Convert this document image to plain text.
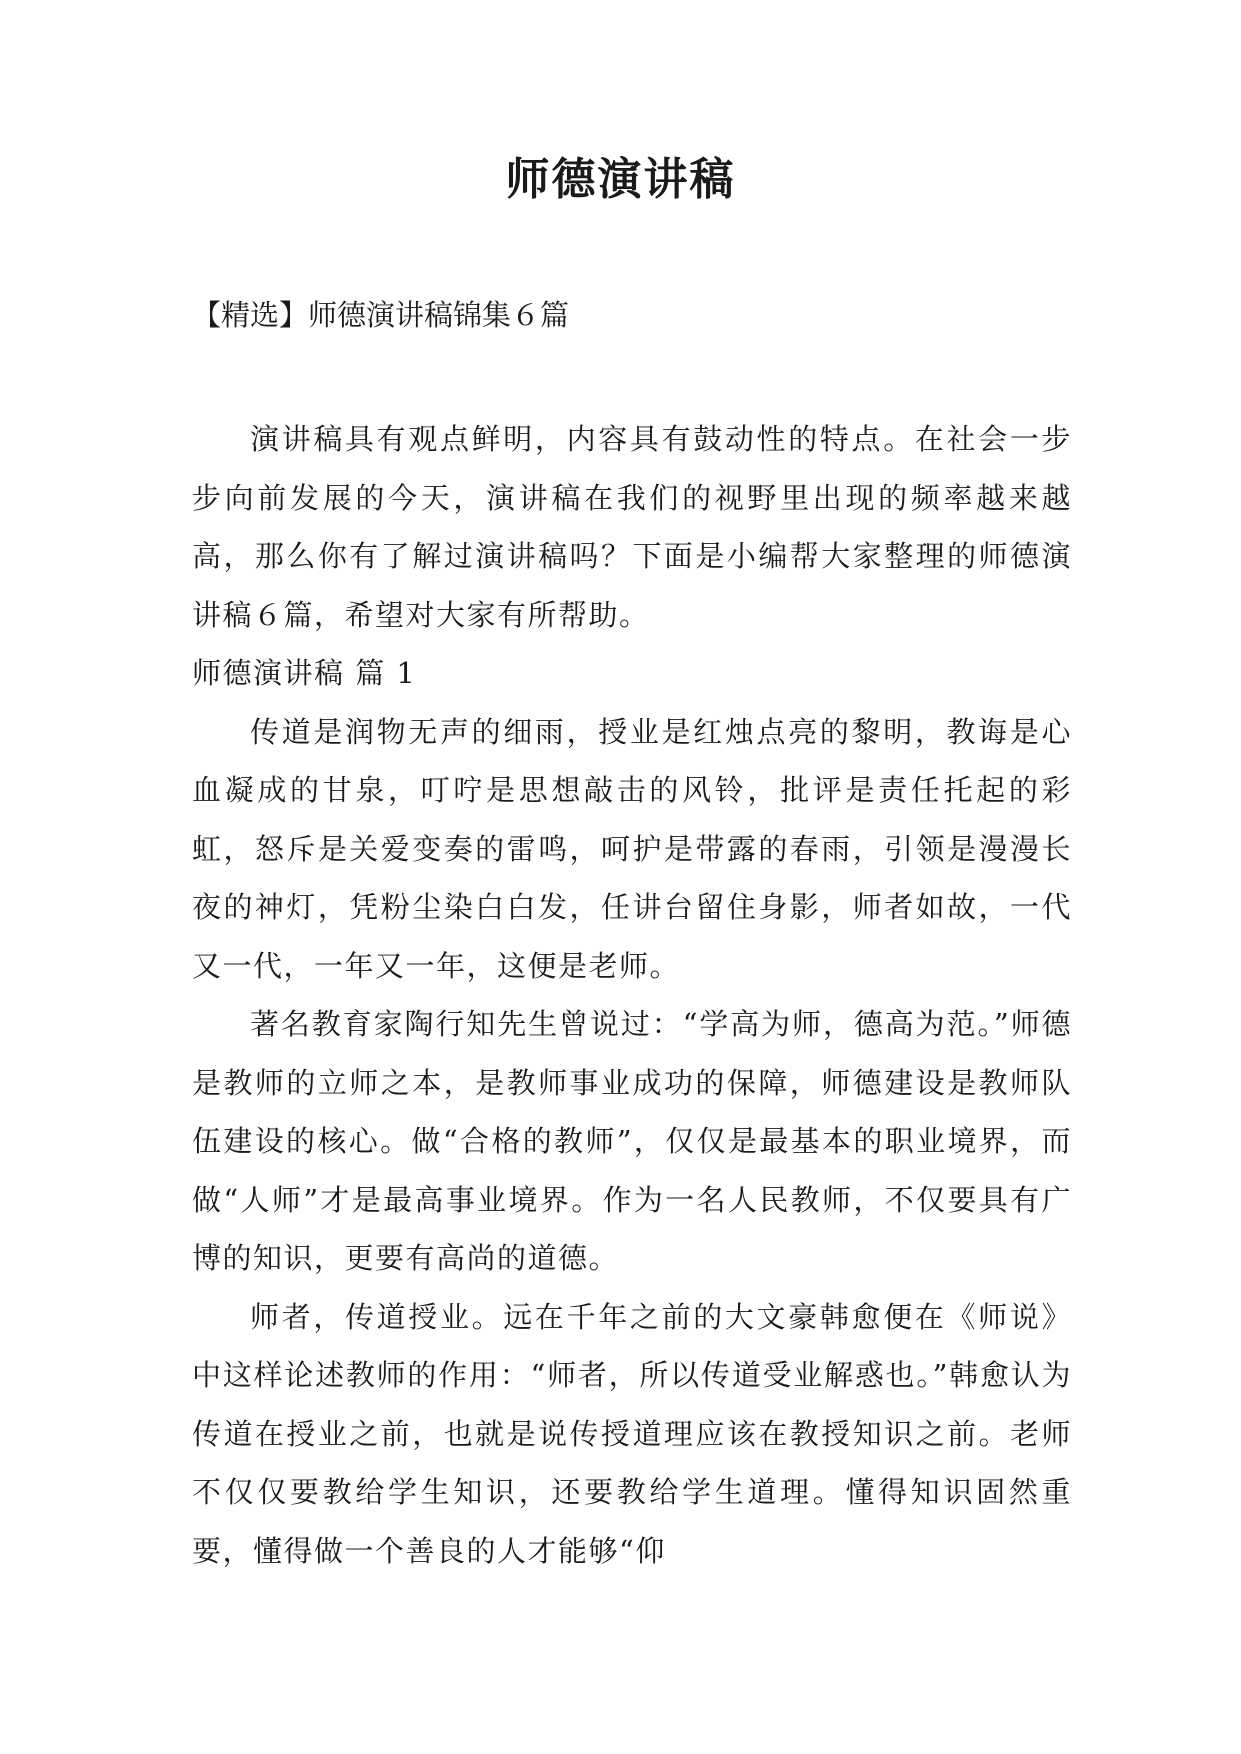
师德演讲稿

【精选】师德演讲稿锦集６篇

演讲稿具有观点鲜明，内容具有鼓动性的特点。在社会一步步向前发展的今天，演讲稿在我们的视野里出现的频率越来越高，那么你有了解过演讲稿吗？下面是小编帮大家整理的师德演讲稿６篇，希望对大家有所帮助。

师德演讲稿 篇 1

传道是润物无声的细雨，授业是红烛点亮的黎明，教诲是心血凝成的甘泉，叮咛是思想敲击的风铃，批评是责任托起的彩虹，怒斥是关爱变奏的雷鸣，呵护是带露的春雨，引领是漫漫长夜的神灯，凭粉尘染白白发，任讲台留住身影，师者如故，一代又一代，一年又一年，这便是老师。

著名教育家陶行知先生曾说过：“学高为师，德高为范。”师德是教师的立师之本，是教师事业成功的保障，师德建设是教师队伍建设的核心。做“合格的教师”，仅仅是最基本的职业境界，而做“人师”才是最高事业境界。作为一名人民教师，不仅要具有广博的知识，更要有高尚的道德。

师者，传道授业。远在千年之前的大文豪韩愈便在《师说》中这样论述教师的作用：“师者，所以传道受业解惑也。”韩愈认为传道在授业之前，也就是说传授道理应该在教授知识之前。老师不仅仅要教给学生知识，还要教给学生道理。懂得知识固然重要，懂得做一个善良的人才能够“仰
